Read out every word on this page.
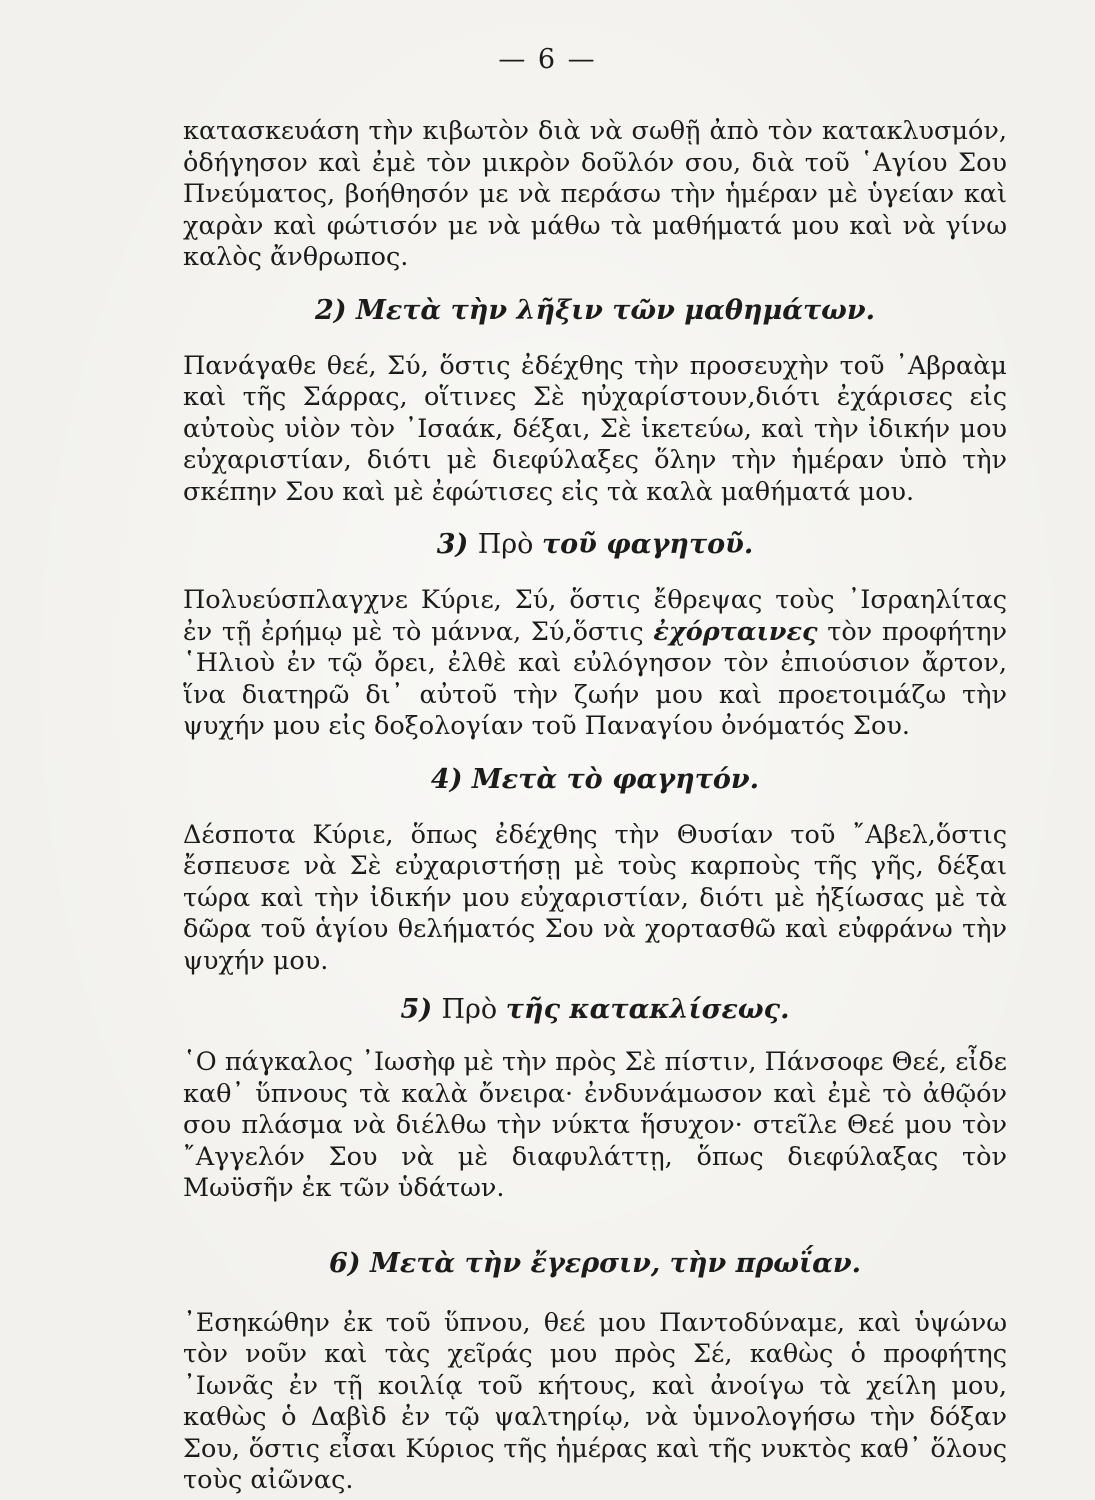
— 6 —

κατασκευάση τὴν κιβωτὸν διὰ νὰ σωθῇ ἀπὸ τὸν κατακλυσμόν, ὁδήγησον καὶ ἐμὲ τὸν μικρὸν δοῦλόν σου, διὰ τοῦ ῾Αγίου Σου Πνεύματος, βοήθησόν με νὰ περάσω τὴν ἡμέραν μὲ ὑγείαν καὶ χαρὰν καὶ φώτισόν με νὰ μάθω τὰ μαθήματά μου καὶ νὰ γίνω καλὸς ἄνθρωπος.

2) Μετὰ τὴν λῆξιν τῶν μαθημάτων.

Πανάγαθε θεέ, Σύ, ὅστις ἐδέχθης τὴν προσευχὴν τοῦ ᾿Αβραὰμ καὶ τῆς Σάρρας, οἵτινες Σὲ ηὐχαρίστουν,διότι ἐχάρισες εἰς αὐτοὺς υἱὸν τὸν ᾿Ισαάκ, δέξαι, Σὲ ἱκετεύω, καὶ τὴν ἰδικήν μου εὐχαριστίαν, διότι μὲ διεφύλαξες ὅλην τὴν ἡμέραν ὑπὸ τὴν σκέπην Σου καὶ μὲ ἐφώτισες εἰς τὰ καλὰ μαθήματά μου.

3) Πρὸ τοῦ φαγητοῦ.

Πολυεύσπλαγχνε Κύριε, Σύ, ὅστις ἔθρεψας τοὺς ᾿Ισραηλίτας ἐν τῇ ἐρήμῳ μὲ τὸ μάννα, Σύ,ὅστις ἐχόρταινες τὸν προφήτην ῾Ηλιοὺ ἐν τῷ ὄρει, ἐλθὲ καὶ εὐλόγησον τὸν ἐπιούσιον ἄρτον, ἵνα διατηρῶ δι᾿ αὐτοῦ τὴν ζωήν μου καὶ προετοιμάζω τὴν ψυχήν μου εἰς δοξολογίαν τοῦ Παναγίου ὀνόματός Σου.

4) Μετὰ τὸ φαγητόν.

Δέσποτα Κύριε, ὅπως ἐδέχθης τὴν Θυσίαν τοῦ ῎Αβελ,ὅστις ἔσπευσε νὰ Σὲ εὐχαριστήσῃ μὲ τοὺς καρποὺς τῆς γῆς, δέξαι τώρα καὶ τὴν ἰδικήν μου εὐχαριστίαν, διότι μὲ ἠξίωσας μὲ τὰ δῶρα τοῦ ἁγίου θελήματός Σου νὰ χορτασθῶ καὶ εὐφράνω τὴν ψυχήν μου.

5) Πρὸ τῆς κατακλίσεως.

῾Ο πάγκαλος ᾿Ιωσὴφ μὲ τὴν πρὸς Σὲ πίστιν, Πάνσοφε Θεέ, εἶδε καθ᾿ ὕπνους τὰ καλὰ ὄνειρα· ἐνδυνάμωσον καὶ ἐμὲ τὸ ἀθῷόν σου πλάσμα νὰ διέλθω τὴν νύκτα ἥσυχον· στεῖλε Θεέ μου τὸν ῎Αγγελόν Σου νὰ μὲ διαφυλάττῃ, ὅπως διεφύλαξας τὸν Μωϋσῆν ἐκ τῶν ὑδάτων.

6) Μετὰ τὴν ἔγερσιν, τὴν πρωΐαν.

᾿Εσηκώθην ἐκ τοῦ ὕπνου, θεέ μου Παντοδύναμε, καὶ ὑψώνω τὸν νοῦν καὶ τὰς χεῖράς μου πρὸς Σέ, καθὼς ὁ προφήτης ᾿Ιωνᾶς ἐν τῇ κοιλίᾳ τοῦ κήτους, καὶ ἀνοίγω τὰ χείλη μου, καθὼς ὁ Δαβὶδ ἐν τῷ ψαλτηρίῳ, νὰ ὑμνολογήσω τὴν δόξαν Σου, ὅστις εἶσαι Κύριος τῆς ἡμέρας καὶ τῆς νυκτὸς καθ᾿ ὅλους τοὺς αἰῶνας.
